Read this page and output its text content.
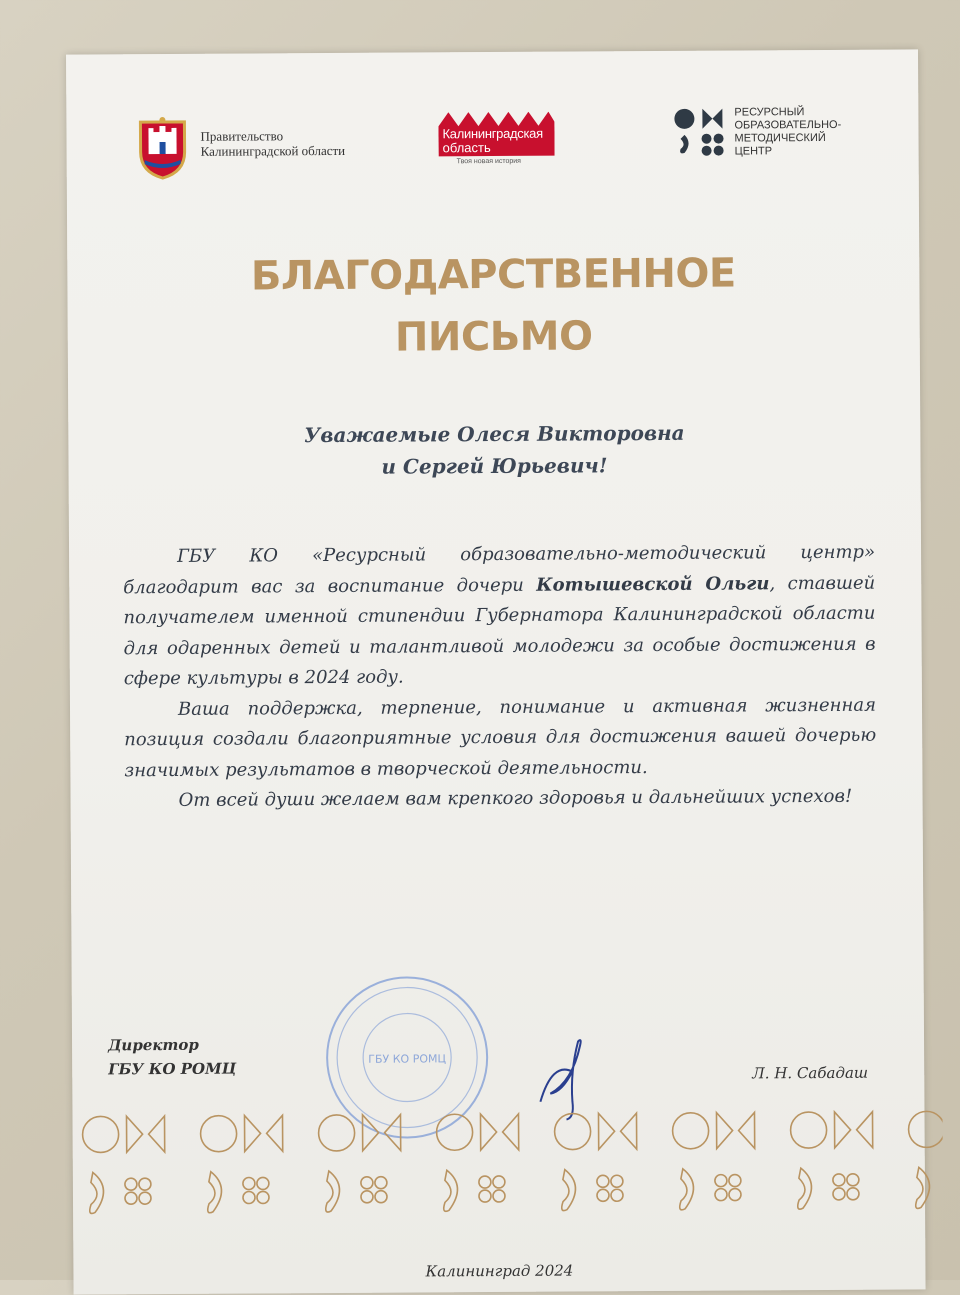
Правительство
Калининградской области
Калининградская
область
Твоя новая история
РЕСУРСНЫЙ
ОБРАЗОВАТЕЛЬНО-
МЕТОДИЧЕСКИЙ
ЦЕНТР
БЛАГОДАРСТВЕННОЕ
ПИСЬМО
Уважаемые Олеся Викторовна
и Сергей Юрьевич!

ГБУ КО «Ресурсный образовательно-методический центр» благодарит вас за воспитание дочери Котышевской Ольги, ставшей получателем именной стипендии Губернатора Калининградской области для одаренных детей и талантливой молодежи за особые достижения в сфере культуры в 2024 году.

Ваша поддержка, терпение, понимание и активная жизненная позиция создали благоприятные условия для достижения вашей дочерью значимых результатов в творческой деятельности.

От всей души желаем вам крепкого здоровья и дальнейших успехов!

ГБУ КО РОМЦ
Директор
ГБУ КО РОМЦ	Л. Н. Сабадаш
Калининград 2024
